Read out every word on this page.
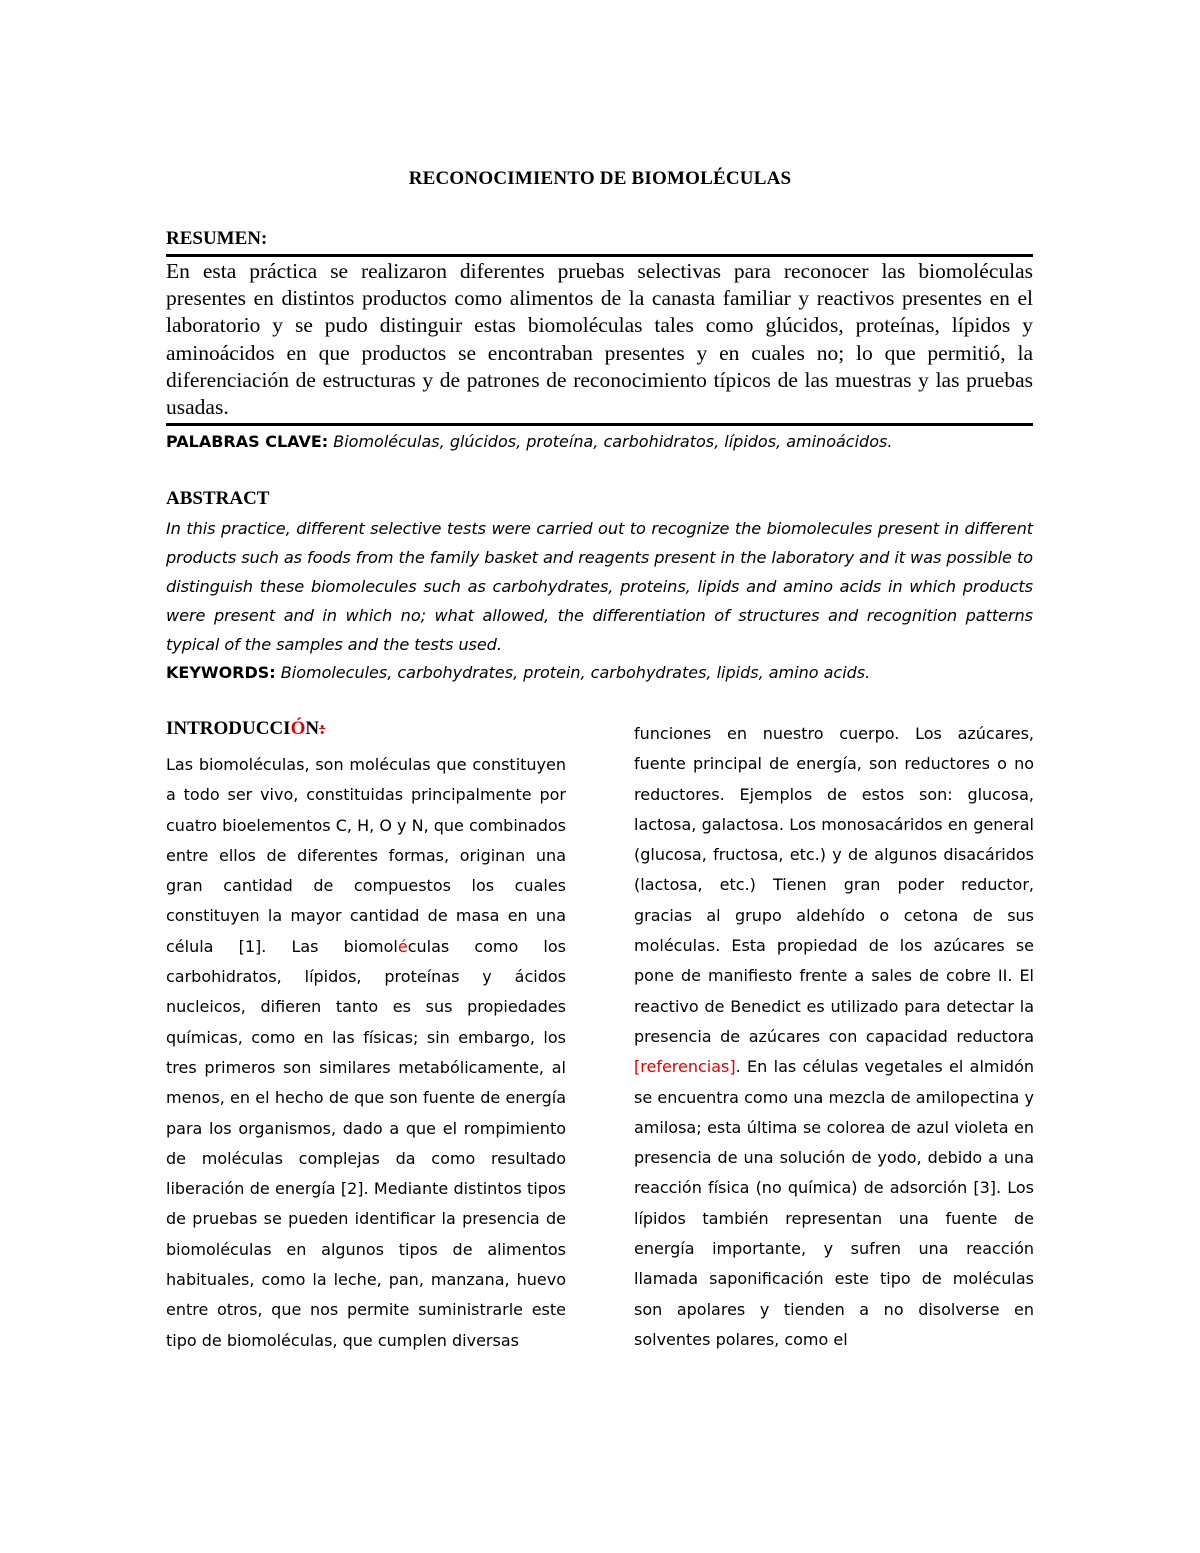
RECONOCIMIENTO DE BIOMOLÉCULAS
RESUMEN:
En esta práctica se realizaron diferentes pruebas selectivas para reconocer las biomoléculas presentes en distintos productos como alimentos de la canasta familiar y reactivos presentes en el laboratorio y se pudo distinguir estas biomoléculas tales como glúcidos, proteínas, lípidos y aminoácidos en que productos se encontraban presentes y en cuales no; lo que permitió, la diferenciación de estructuras y de patrones de reconocimiento típicos de las muestras y las pruebas usadas.
PALABRAS CLAVE: Biomoléculas, glúcidos, proteína, carbohidratos, lípidos, aminoácidos.
ABSTRACT
In this practice, different selective tests were carried out to recognize the biomolecules present in different products such as foods from the family basket and reagents present in the laboratory and it was possible to distinguish these biomolecules such as carbohydrates, proteins, lipids and amino acids in which products were present and in which no; what allowed, the differentiation of structures and recognition patterns typical of the samples and the tests used.
KEYWORDS: Biomolecules, carbohydrates, protein, carbohydrates, lipids, amino acids.
INTRODUCCIÓN:
Las biomoléculas, son moléculas que constituyen a todo ser vivo, constituidas principalmente por cuatro bioelementos C, H, O y N, que combinados entre ellos de diferentes formas, originan una gran cantidad de compuestos los cuales constituyen la mayor cantidad de masa en una célula [1]. Las biomoléculas como los carbohidratos, lípidos, proteínas y ácidos nucleicos, difieren tanto es sus propiedades químicas, como en las físicas; sin embargo, los tres primeros son similares metabólicamente, al menos, en el hecho de que son fuente de energía para los organismos, dado a que el rompimiento de moléculas complejas da como resultado liberación de energía [2]. Mediante distintos tipos de pruebas se pueden identificar la presencia de biomoléculas en algunos tipos de alimentos habituales, como la leche, pan, manzana, huevo entre otros, que nos permite suministrarle este tipo de biomoléculas, que cumplen diversas
funciones en nuestro cuerpo. Los azúcares, fuente principal de energía, son reductores o no reductores. Ejemplos de estos son: glucosa, lactosa, galactosa. Los monosacáridos en general (glucosa, fructosa, etc.) y de algunos disacáridos (lactosa, etc.) Tienen gran poder reductor, gracias al grupo aldehído o cetona de sus moléculas. Esta propiedad de los azúcares se pone de manifiesto frente a sales de cobre II. El reactivo de Benedict es utilizado para detectar la presencia de azúcares con capacidad reductora [referencias]. En las células vegetales el almidón se encuentra como una mezcla de amilopectina y amilosa; esta última se colorea de azul violeta en presencia de una solución de yodo, debido a una reacción física (no química) de adsorción [3]. Los lípidos también representan una fuente de energía importante, y sufren una reacción llamada saponificación este tipo de moléculas son apolares y tienden a no disolverse en solventes polares, como el
